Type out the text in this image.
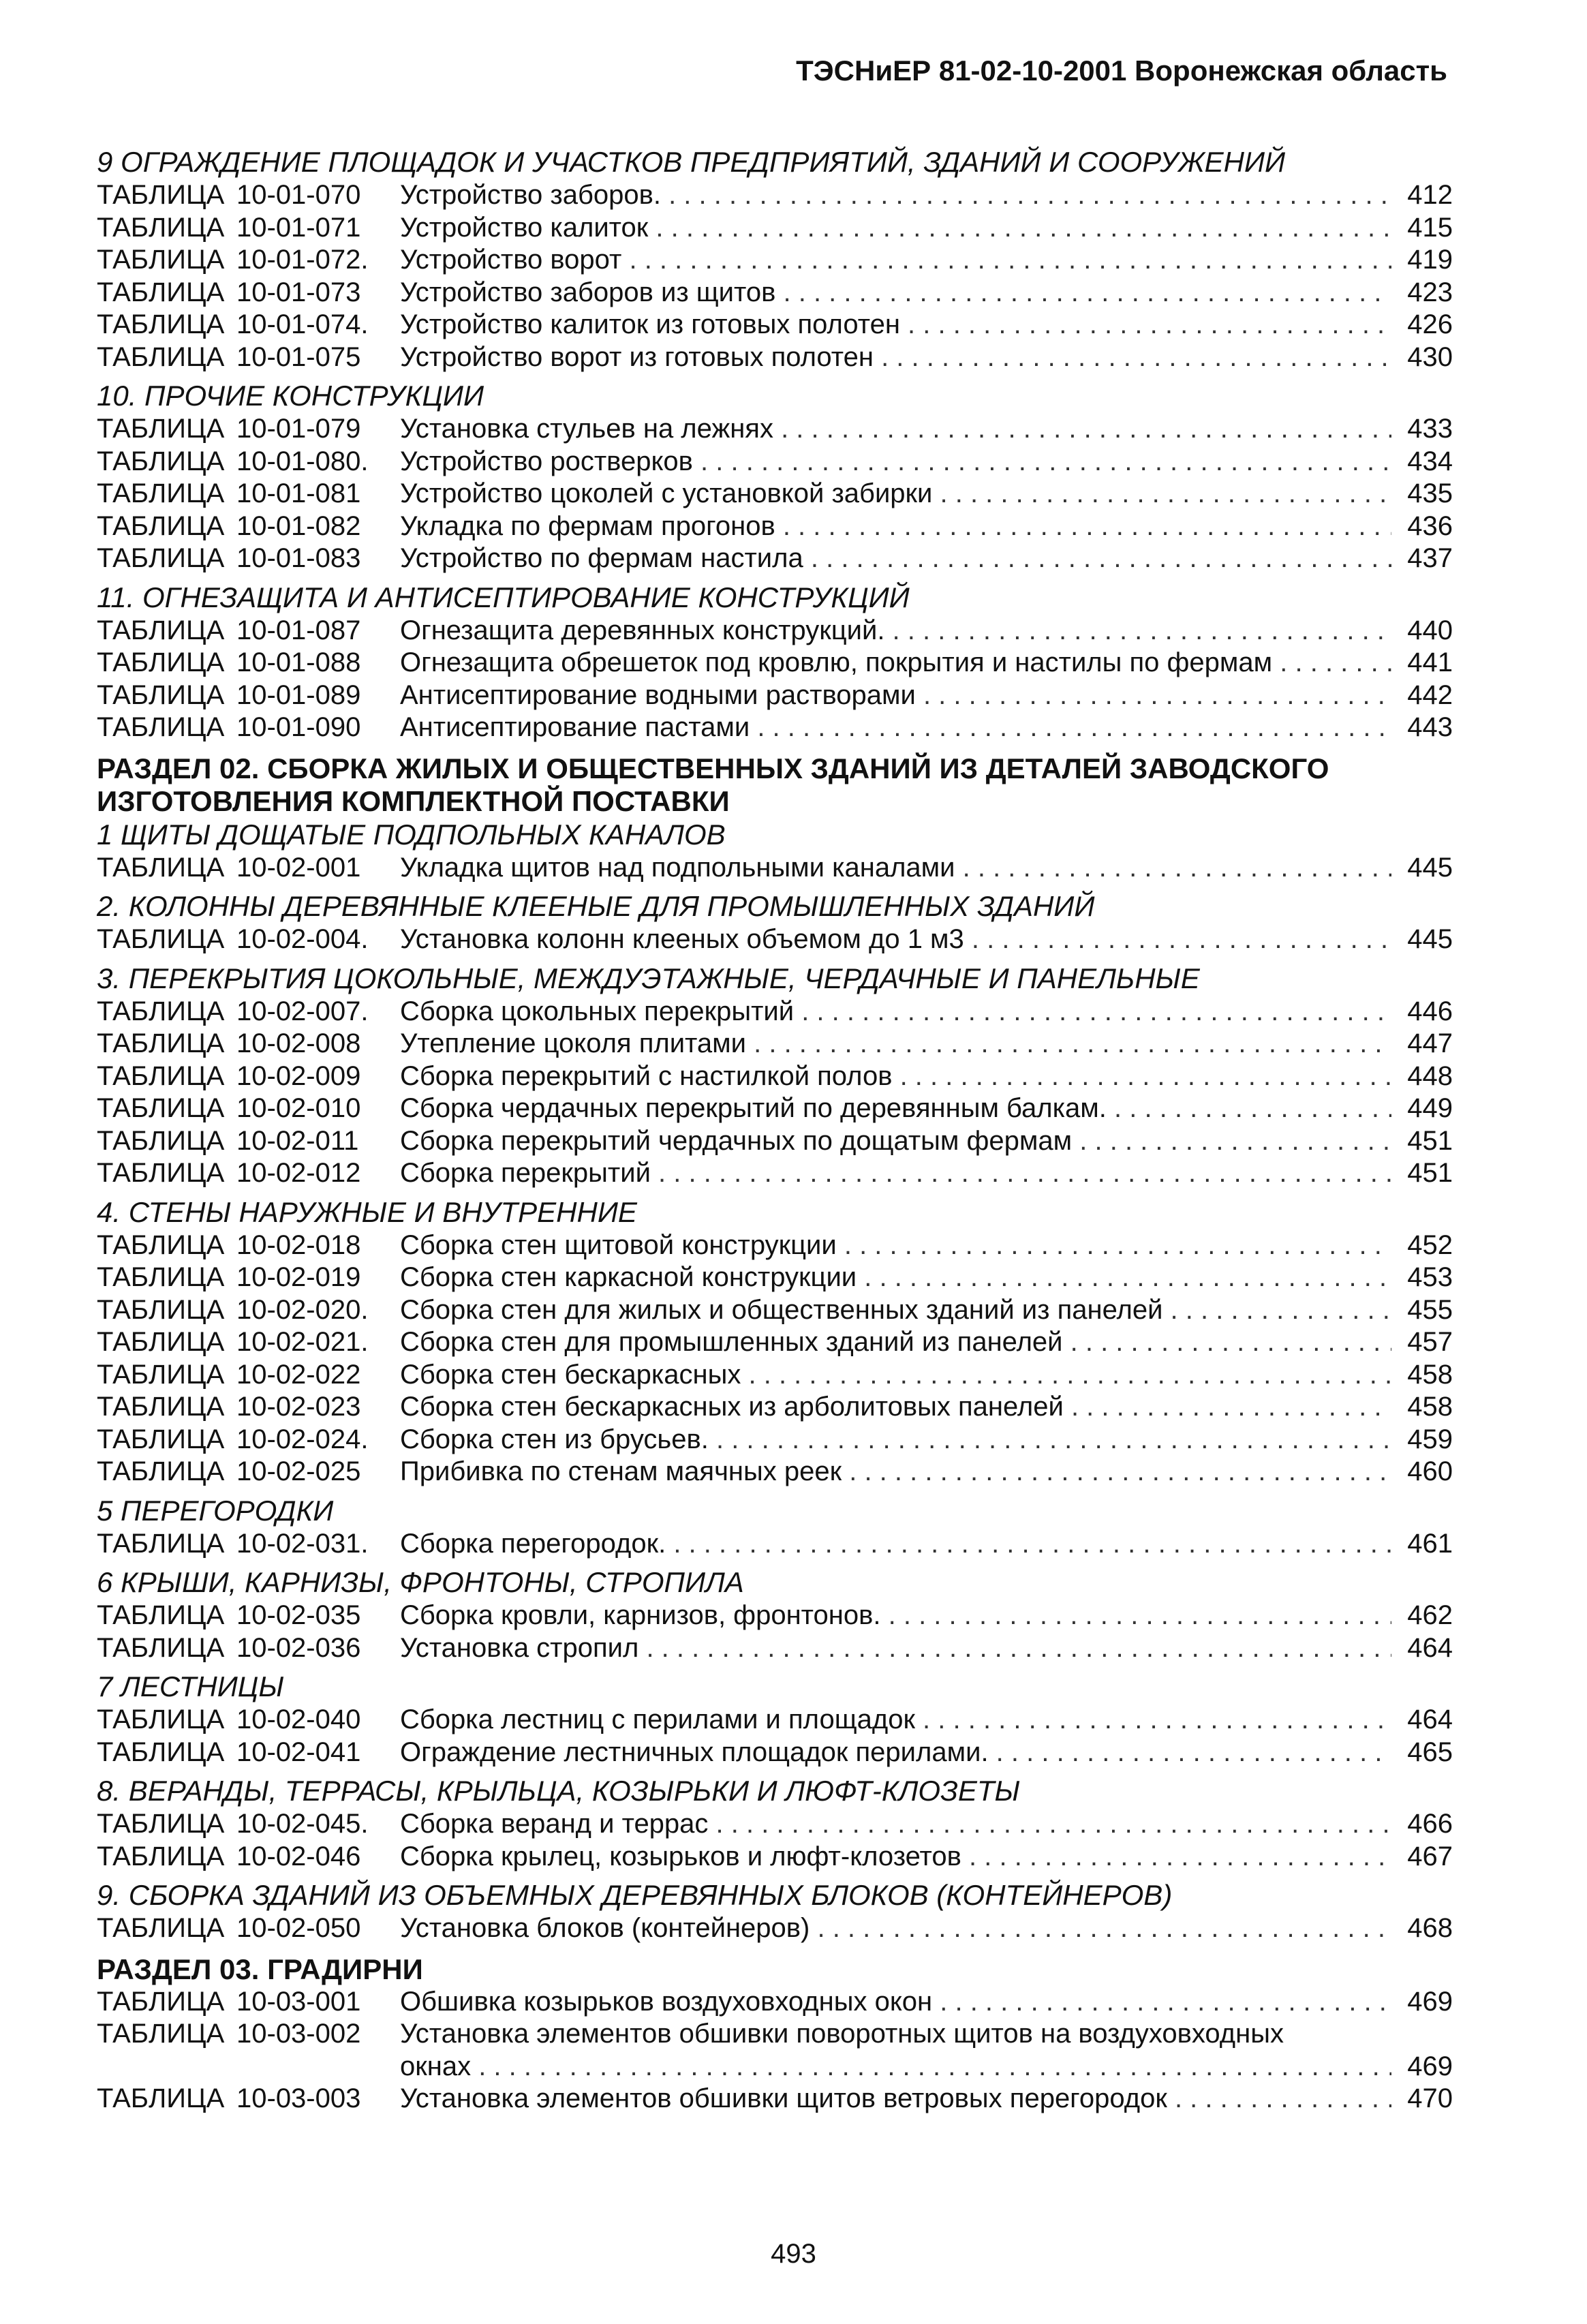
ТЭСНиЕР 81-02-10-2001 Воронежская область
9 ОГРАЖДЕНИЕ ПЛОЩАДОК И УЧАСТКОВ ПРЕДПРИЯТИЙ, ЗДАНИЙ И СООРУЖЕНИЙ
ТАБЛИЦА 10-01-070	Устройство заборов. . . .	412
ТАБЛИЦА 10-01-071	Устройство калиток . . .	415
ТАБЛИЦА 10-01-072.	Устройство ворот . . .	419
ТАБЛИЦА 10-01-073	Устройство заборов из щитов . . .	423
ТАБЛИЦА 10-01-074.	Устройство калиток из готовых полотен . . .	426
ТАБЛИЦА 10-01-075	Устройство ворот из готовых полотен . . .	430
10. ПРОЧИЕ КОНСТРУКЦИИ
ТАБЛИЦА 10-01-079	Установка стульев на лежнях . . .	433
ТАБЛИЦА 10-01-080.	Устройство ростверков . . .	434
ТАБЛИЦА 10-01-081	Устройство цоколей с установкой забирки . . .	435
ТАБЛИЦА 10-01-082	Укладка по фермам прогонов . . .	436
ТАБЛИЦА 10-01-083	Устройство по фермам настила . . .	437
11. ОГНЕЗАЩИТА И АНТИСЕПТИРОВАНИЕ КОНСТРУКЦИЙ
ТАБЛИЦА 10-01-087	Огнезащита деревянных конструкций. . . .	440
ТАБЛИЦА 10-01-088	Огнезащита обрешеток под кровлю, покрытия и настилы по фермам . . .	441
ТАБЛИЦА 10-01-089	Антисептирование водными растворами . . .	442
ТАБЛИЦА 10-01-090	Антисептирование пастами . . .	443
РАЗДЕЛ 02. СБОРКА ЖИЛЫХ И ОБЩЕСТВЕННЫХ ЗДАНИЙ ИЗ ДЕТАЛЕЙ ЗАВОДСКОГО
ИЗГОТОВЛЕНИЯ КОМПЛЕКТНОЙ ПОСТАВКИ
1 ЩИТЫ ДОЩАТЫЕ ПОДПОЛЬНЫХ КАНАЛОВ
ТАБЛИЦА 10-02-001	Укладка щитов над подпольными каналами . . .	445
2. КОЛОННЫ ДЕРЕВЯННЫЕ КЛЕЕНЫЕ ДЛЯ ПРОМЫШЛЕННЫХ ЗДАНИЙ
ТАБЛИЦА 10-02-004.	Установка колонн клееных объемом до 1 м3 . . .	445
3. ПЕРЕКРЫТИЯ ЦОКОЛЬНЫЕ, МЕЖДУЭТАЖНЫЕ, ЧЕРДАЧНЫЕ И ПАНЕЛЬНЫЕ
ТАБЛИЦА 10-02-007.	Сборка цокольных перекрытий . . .	446
ТАБЛИЦА 10-02-008	Утепление цоколя плитами . . .	447
ТАБЛИЦА 10-02-009	Сборка перекрытий с настилкой полов . . .	448
ТАБЛИЦА 10-02-010	Сборка чердачных перекрытий по деревянным балкам. . . .	449
ТАБЛИЦА 10-02-011	Сборка перекрытий чердачных по дощатым фермам . . .	451
ТАБЛИЦА 10-02-012	Сборка перекрытий . . .	451
4. СТЕНЫ НАРУЖНЫЕ И ВНУТРЕННИЕ
ТАБЛИЦА 10-02-018	Сборка стен щитовой конструкции . . .	452
ТАБЛИЦА 10-02-019	Сборка стен каркасной конструкции . . .	453
ТАБЛИЦА 10-02-020.	Сборка стен для жилых и общественных зданий из панелей . . .	455
ТАБЛИЦА 10-02-021.	Сборка стен для промышленных зданий из панелей . . .	457
ТАБЛИЦА 10-02-022	Сборка стен бескаркасных . . .	458
ТАБЛИЦА 10-02-023	Сборка стен бескаркасных из арболитовых панелей . . .	458
ТАБЛИЦА 10-02-024.	Сборка стен из брусьев. . . .	459
ТАБЛИЦА 10-02-025	Прибивка по стенам маячных реек . . .	460
5 ПЕРЕГОРОДКИ
ТАБЛИЦА 10-02-031.	Сборка перегородок. . . .	461
6 КРЫШИ, КАРНИЗЫ, ФРОНТОНЫ, СТРОПИЛА
ТАБЛИЦА 10-02-035	Сборка кровли, карнизов, фронтонов. . . .	462
ТАБЛИЦА 10-02-036	Установка стропил . . .	464
7 ЛЕСТНИЦЫ
ТАБЛИЦА 10-02-040	Сборка лестниц с перилами и площадок . . .	464
ТАБЛИЦА 10-02-041	Ограждение лестничных площадок перилами. . . .	465
8. ВЕРАНДЫ, ТЕРРАСЫ, КРЫЛЬЦА, КОЗЫРЬКИ И ЛЮФТ-КЛОЗЕТЫ
ТАБЛИЦА 10-02-045.	Сборка веранд и террас . . .	466
ТАБЛИЦА 10-02-046	Сборка крылец, козырьков и люфт-клозетов . . .	467
9. СБОРКА ЗДАНИЙ ИЗ ОБЪЕМНЫХ ДЕРЕВЯННЫХ БЛОКОВ (КОНТЕЙНЕРОВ)
ТАБЛИЦА 10-02-050	Установка блоков (контейнеров) . . .	468
РАЗДЕЛ 03. ГРАДИРНИ
ТАБЛИЦА 10-03-001	Обшивка козырьков воздуховходных окон . . .	469
ТАБЛИЦА 10-03-002	Установка элементов обшивки поворотных щитов на воздуховходных
окнах . . .	469
ТАБЛИЦА 10-03-003	Установка элементов обшивки щитов ветровых перегородок . . .	470
493
